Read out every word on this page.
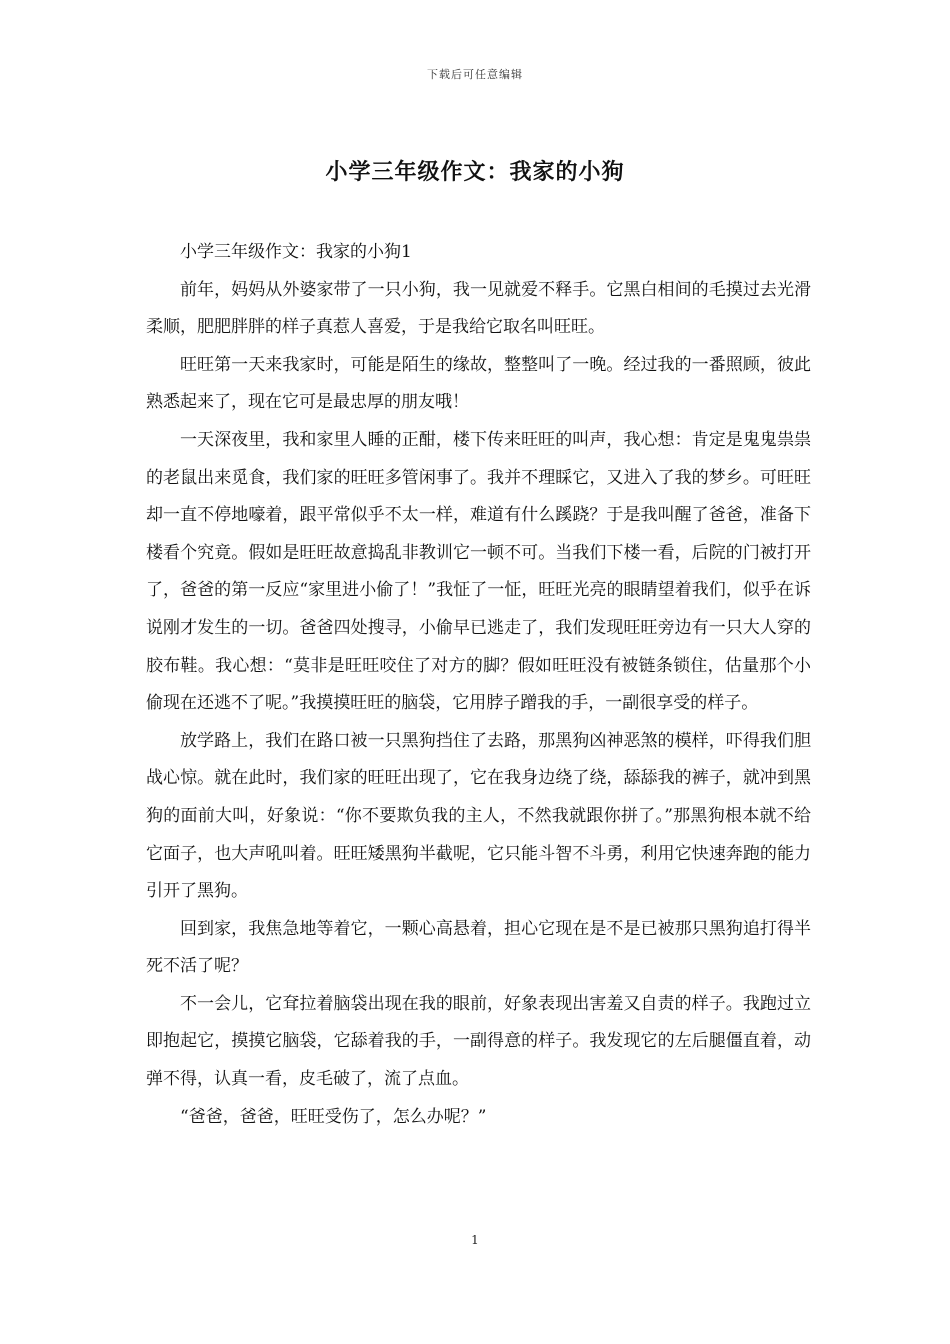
下载后可任意编辑
小学三年级作文：我家的小狗

小学三年级作文：我家的小狗1

前年，妈妈从外婆家带了一只小狗，我一见就爱不释手。它黑白相间的毛摸过去光滑柔顺，肥肥胖胖的样子真惹人喜爱，于是我给它取名叫旺旺。

旺旺第一天来我家时，可能是陌生的缘故，整整叫了一晚。经过我的一番照顾，彼此熟悉起来了，现在它可是最忠厚的朋友哦！

一天深夜里，我和家里人睡的正酣，楼下传来旺旺的叫声，我心想：肯定是鬼鬼祟祟的老鼠出来觅食，我们家的旺旺多管闲事了。我并不理睬它，又进入了我的梦乡。可旺旺却一直不停地嚎着，跟平常似乎不太一样，难道有什么蹊跷？于是我叫醒了爸爸，准备下楼看个究竟。假如是旺旺故意捣乱非教训它一顿不可。当我们下楼一看，后院的门被打开了，爸爸的第一反应“家里进小偷了！”我怔了一怔，旺旺光亮的眼睛望着我们，似乎在诉说刚才发生的一切。爸爸四处搜寻，小偷早已逃走了，我们发现旺旺旁边有一只大人穿的胶布鞋。我心想：“莫非是旺旺咬住了对方的脚？假如旺旺没有被链条锁住，估量那个小偷现在还逃不了呢。”我摸摸旺旺的脑袋，它用脖子蹭我的手，一副很享受的样子。

放学路上，我们在路口被一只黑狗挡住了去路，那黑狗凶神恶煞的模样，吓得我们胆战心惊。就在此时，我们家的旺旺出现了，它在我身边绕了绕，舔舔我的裤子，就冲到黑狗的面前大叫，好象说：“你不要欺负我的主人，不然我就跟你拼了。”那黑狗根本就不给它面子，也大声吼叫着。旺旺矮黑狗半截呢，它只能斗智不斗勇，利用它快速奔跑的能力引开了黑狗。

回到家，我焦急地等着它，一颗心高悬着，担心它现在是不是已被那只黑狗追打得半死不活了呢？

不一会儿，它耷拉着脑袋出现在我的眼前，好象表现出害羞又自责的样子。我跑过立即抱起它，摸摸它脑袋，它舔着我的手，一副得意的样子。我发现它的左后腿僵直着，动弹不得，认真一看，皮毛破了，流了点血。

“爸爸，爸爸，旺旺受伤了，怎么办呢？”

1
